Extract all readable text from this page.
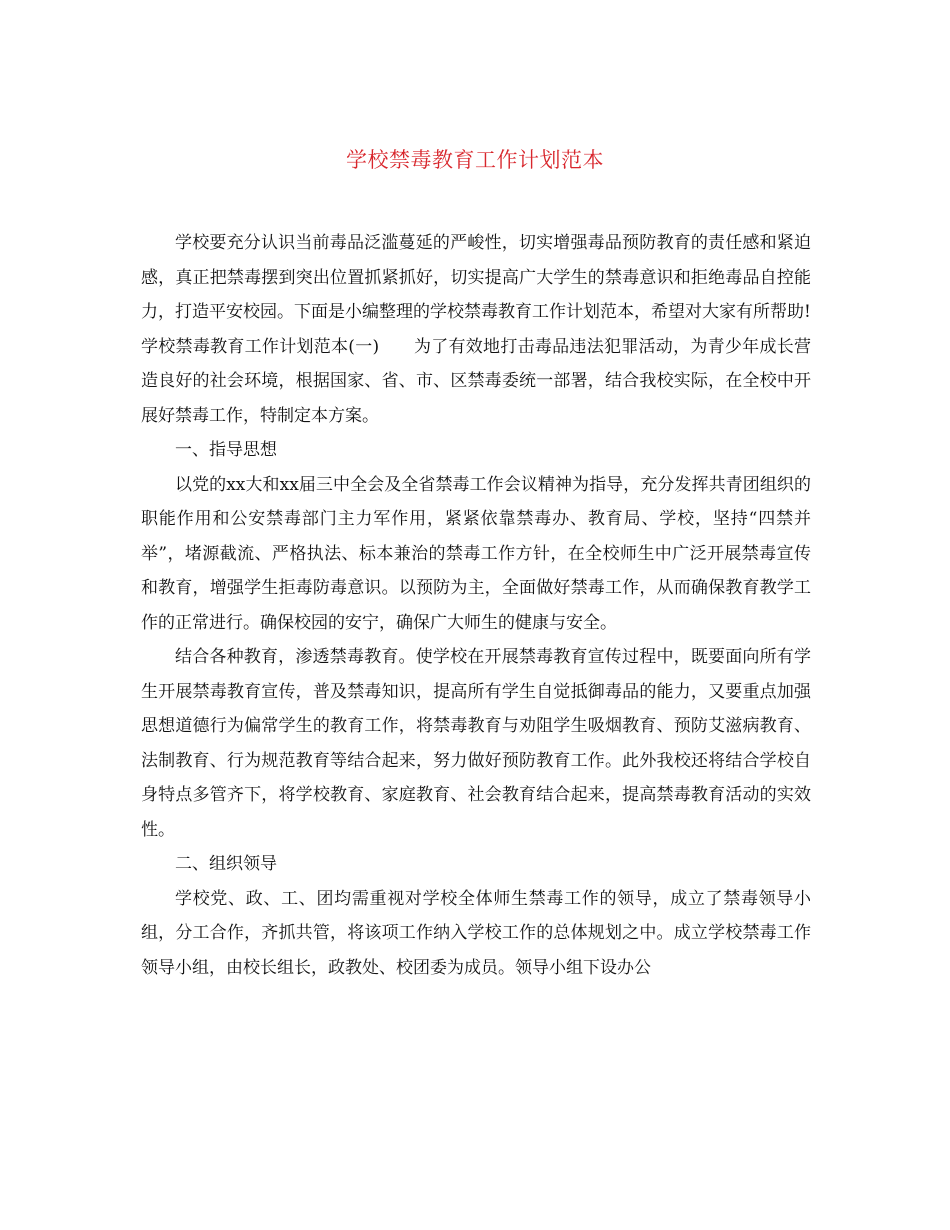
学校禁毒教育工作计划范本

学校要充分认识当前毒品泛滥蔓延的严峻性，切实增强毒品预防教育的责任感和紧迫感，真正把禁毒摆到突出位置抓紧抓好，切实提高广大学生的禁毒意识和拒绝毒品自控能力，打造平安校园。下面是小编整理的学校禁毒教育工作计划范本，希望对大家有所帮助!

学校禁毒教育工作计划范本(一)　　为了有效地打击毒品违法犯罪活动，为青少年成长营造良好的社会环境，根据国家、省、市、区禁毒委统一部署，结合我校实际，在全校中开展好禁毒工作，特制定本方案。

一、指导思想

以党的xx大和xx届三中全会及全省禁毒工作会议精神为指导，充分发挥共青团组织的职能作用和公安禁毒部门主力军作用，紧紧依靠禁毒办、教育局、学校，坚持“四禁并举”，堵源截流、严格执法、标本兼治的禁毒工作方针，在全校师生中广泛开展禁毒宣传和教育，增强学生拒毒防毒意识。以预防为主，全面做好禁毒工作，从而确保教育教学工作的正常进行。确保校园的安宁，确保广大师生的健康与安全。

结合各种教育，渗透禁毒教育。使学校在开展禁毒教育宣传过程中，既要面向所有学生开展禁毒教育宣传，普及禁毒知识，提高所有学生自觉抵御毒品的能力，又要重点加强思想道德行为偏常学生的教育工作，将禁毒教育与劝阻学生吸烟教育、预防艾滋病教育、法制教育、行为规范教育等结合起来，努力做好预防教育工作。此外我校还将结合学校自身特点多管齐下，将学校教育、家庭教育、社会教育结合起来，提高禁毒教育活动的实效性。

二、组织领导

学校党、政、工、团均需重视对学校全体师生禁毒工作的领导，成立了禁毒领导小组，分工合作，齐抓共管，将该项工作纳入学校工作的总体规划之中。成立学校禁毒工作领导小组，由校长组长，政教处、校团委为成员。领导小组下设办公
